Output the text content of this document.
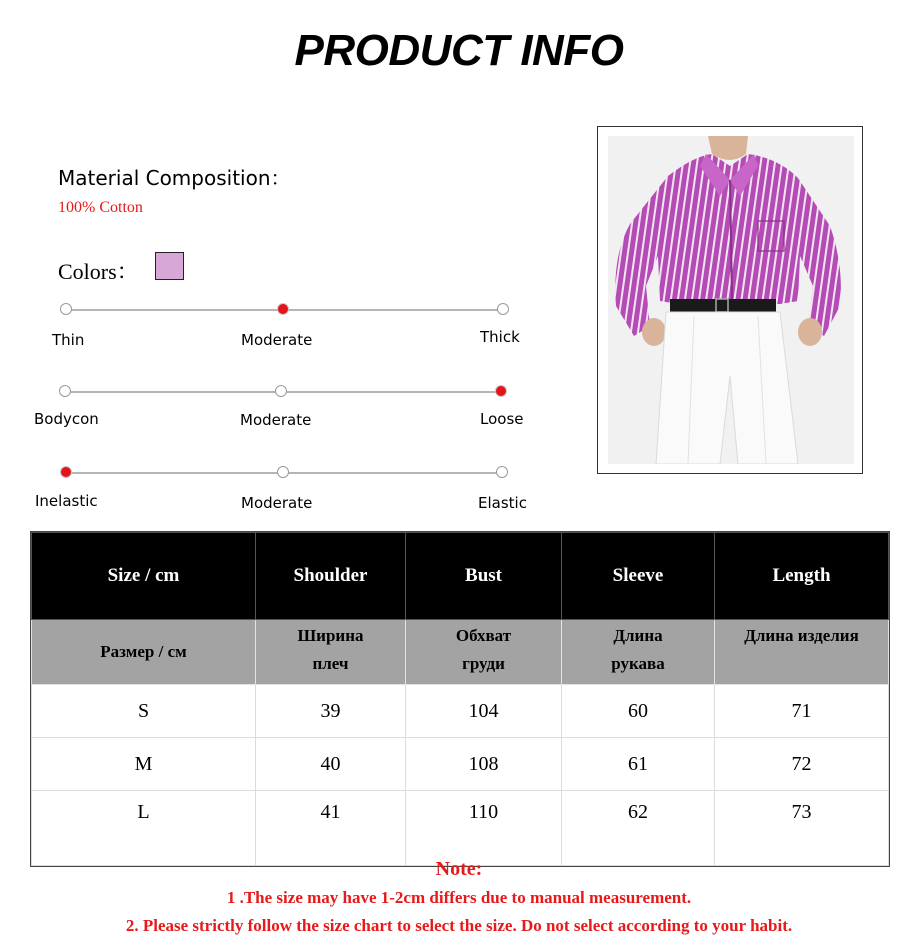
PRODUCT INFO
Material Composition：
100% Cotton
Colors：
Thin	Moderate	Thick
Bodycon	Moderate	Loose
Inelastic	Moderate	Elastic
Size / cm	Shoulder	Bust	Sleeve	Length
Размер / см	Ширина плеч	Обхват груди	Длина рукава	Длина изделия
S	39	104	60	71
M	40	108	61	72
L	41	110	62	73
Note:
1 .The size may have 1-2cm differs due to manual measurement.
2. Please strictly follow the size chart to select the size. Do not select according to your habit.
